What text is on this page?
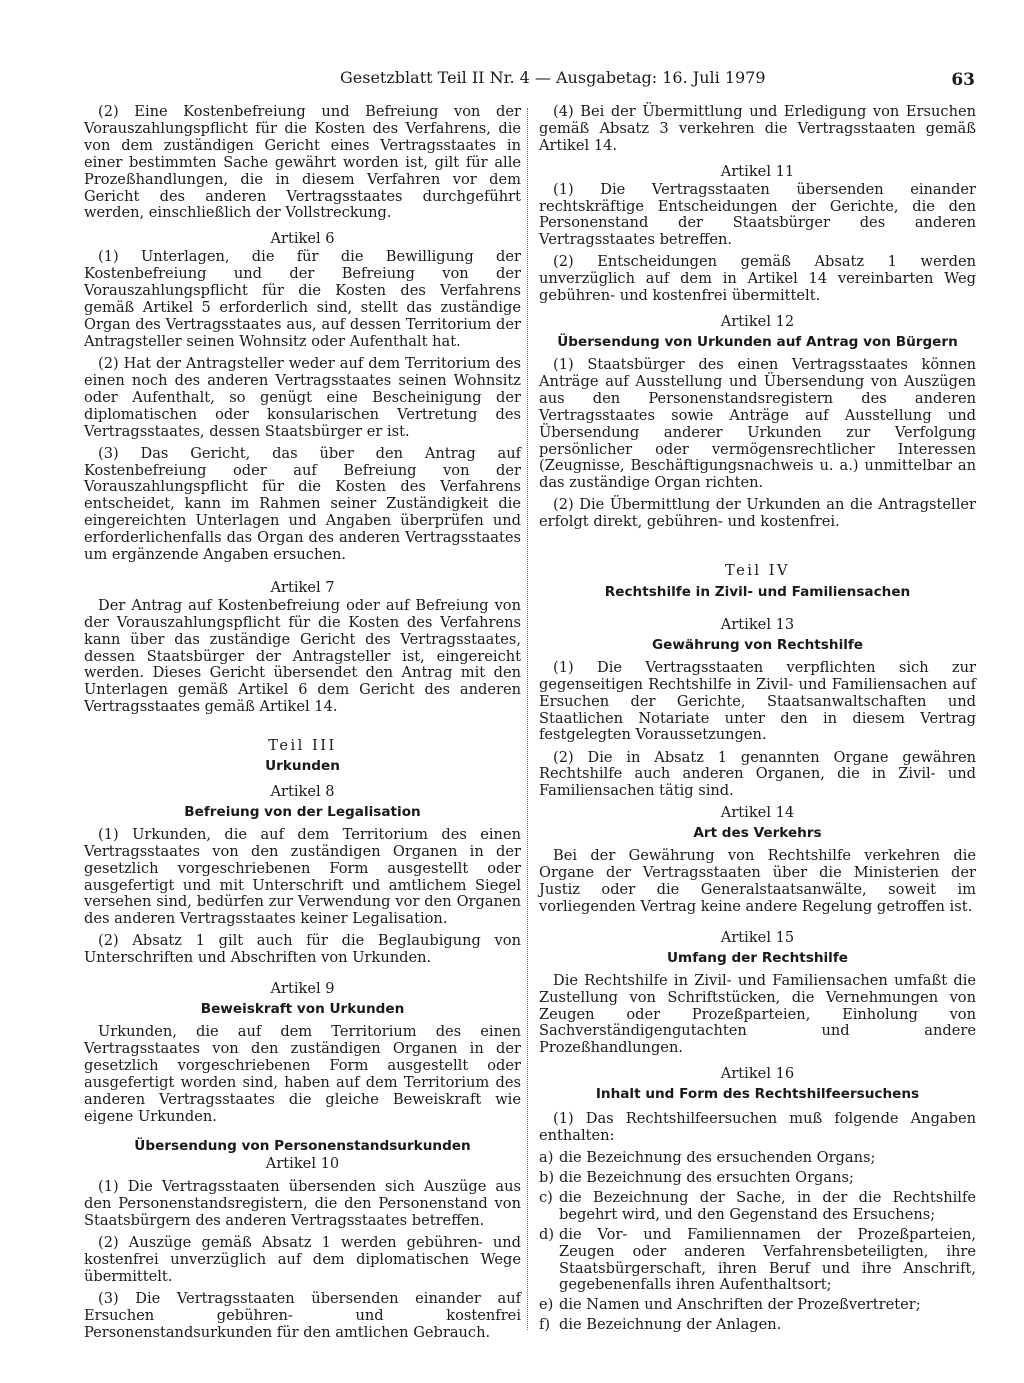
Gesetzblatt Teil II Nr. 4 — Ausgabetag: 16. Juli 1979	63

(2) Eine Kostenbefreiung und Befreiung von der Vorauszahlungspflicht für die Kosten des Verfahrens, die von dem zuständigen Gericht eines Vertragsstaates in einer bestimmten Sache gewährt worden ist, gilt für alle Prozeßhandlungen, die in diesem Verfahren vor dem Gericht des anderen Vertragsstaates durchgeführt werden, einschließlich der Vollstreckung.

Artikel 6

(1) Unterlagen, die für die Bewilligung der Kostenbefreiung und der Befreiung von der Vorauszahlungspflicht für die Kosten des Verfahrens gemäß Artikel 5 erforderlich sind, stellt das zuständige Organ des Vertragsstaates aus, auf dessen Territorium der Antragsteller seinen Wohnsitz oder Aufenthalt hat.

(2) Hat der Antragsteller weder auf dem Territorium des einen noch des anderen Vertragsstaates seinen Wohnsitz oder Aufenthalt, so genügt eine Bescheinigung der diplomatischen oder konsularischen Vertretung des Vertragsstaates, dessen Staatsbürger er ist.

(3) Das Gericht, das über den Antrag auf Kostenbefreiung oder auf Befreiung von der Vorauszahlungspflicht für die Kosten des Verfahrens entscheidet, kann im Rahmen seiner Zuständigkeit die eingereichten Unterlagen und Angaben überprüfen und erforderlichenfalls das Organ des anderen Vertragsstaates um ergänzende Angaben ersuchen.

Artikel 7

Der Antrag auf Kostenbefreiung oder auf Befreiung von der Vorauszahlungspflicht für die Kosten des Verfahrens kann über das zuständige Gericht des Vertragsstaates, dessen Staatsbürger der Antragsteller ist, eingereicht werden. Dieses Gericht übersendet den Antrag mit den Unterlagen gemäß Artikel 6 dem Gericht des anderen Vertragsstaates gemäß Artikel 14.

Teil III
Urkunden
Artikel 8
Befreiung von der Legalisation

(1) Urkunden, die auf dem Territorium des einen Vertragsstaates von den zuständigen Organen in der gesetzlich vorgeschriebenen Form ausgestellt oder ausgefertigt und mit Unterschrift und amtlichem Siegel versehen sind, bedürfen zur Verwendung vor den Organen des anderen Vertragsstaates keiner Legalisation.

(2) Absatz 1 gilt auch für die Beglaubigung von Unterschriften und Abschriften von Urkunden.

Artikel 9
Beweiskraft von Urkunden

Urkunden, die auf dem Territorium des einen Vertragsstaates von den zuständigen Organen in der gesetzlich vorgeschriebenen Form ausgestellt oder ausgefertigt worden sind, haben auf dem Territorium des anderen Vertragsstaates die gleiche Beweiskraft wie eigene Urkunden.

Übersendung von Personenstandsurkunden
Artikel 10

(1) Die Vertragsstaaten übersenden sich Auszüge aus den Personenstandsregistern, die den Personenstand von Staatsbürgern des anderen Vertragsstaates betreffen.

(2) Auszüge gemäß Absatz 1 werden gebühren- und kostenfrei unverzüglich auf dem diplomatischen Wege übermittelt.

(3) Die Vertragsstaaten übersenden einander auf Ersuchen gebühren- und kostenfrei Personenstandsurkunden für den amtlichen Gebrauch.

(4) Bei der Übermittlung und Erledigung von Ersuchen gemäß Absatz 3 verkehren die Vertragsstaaten gemäß Artikel 14.

Artikel 11

(1) Die Vertragsstaaten übersenden einander rechtskräftige Entscheidungen der Gerichte, die den Personenstand der Staatsbürger des anderen Vertragsstaates betreffen.

(2) Entscheidungen gemäß Absatz 1 werden unverzüglich auf dem in Artikel 14 vereinbarten Weg gebühren- und kostenfrei übermittelt.

Artikel 12
Übersendung von Urkunden auf Antrag von Bürgern

(1) Staatsbürger des einen Vertragsstaates können Anträge auf Ausstellung und Übersendung von Auszügen aus den Personenstandsregistern des anderen Vertragsstaates sowie Anträge auf Ausstellung und Übersendung anderer Urkunden zur Verfolgung persönlicher oder vermögensrechtlicher Interessen (Zeugnisse, Beschäftigungsnachweis u. a.) unmittelbar an das zuständige Organ richten.

(2) Die Übermittlung der Urkunden an die Antragsteller erfolgt direkt, gebühren- und kostenfrei.

Teil IV
Rechtshilfe in Zivil- und Familiensachen
Artikel 13
Gewährung von Rechtshilfe

(1) Die Vertragsstaaten verpflichten sich zur gegenseitigen Rechtshilfe in Zivil- und Familiensachen auf Ersuchen der Gerichte, Staatsanwaltschaften und Staatlichen Notariate unter den in diesem Vertrag festgelegten Voraussetzungen.

(2) Die in Absatz 1 genannten Organe gewähren Rechtshilfe auch anderen Organen, die in Zivil- und Familiensachen tätig sind.

Artikel 14
Art des Verkehrs

Bei der Gewährung von Rechtshilfe verkehren die Organe der Vertragsstaaten über die Ministerien der Justiz oder die Generalstaatsanwälte, soweit im vorliegenden Vertrag keine andere Regelung getroffen ist.

Artikel 15
Umfang der Rechtshilfe

Die Rechtshilfe in Zivil- und Familiensachen umfaßt die Zustellung von Schriftstücken, die Vernehmungen von Zeugen oder Prozeßparteien, Einholung von Sachverständigengutachten und andere Prozeßhandlungen.

Artikel 16
Inhalt und Form des Rechtshilfeersuchens

(1) Das Rechtshilfeersuchen muß folgende Angaben enthalten:

a) die Bezeichnung des ersuchenden Organs;
b) die Bezeichnung des ersuchten Organs;
c) die Bezeichnung der Sache, in der die Rechtshilfe begehrt wird, und den Gegenstand des Ersuchens;
d) die Vor- und Familiennamen der Prozeßparteien, Zeugen oder anderen Verfahrensbeteiligten, ihre Staatsbürgerschaft, ihren Beruf und ihre Anschrift, gegebenenfalls ihren Aufenthaltsort;
e) die Namen und Anschriften der Prozeßvertreter;
f) die Bezeichnung der Anlagen.
